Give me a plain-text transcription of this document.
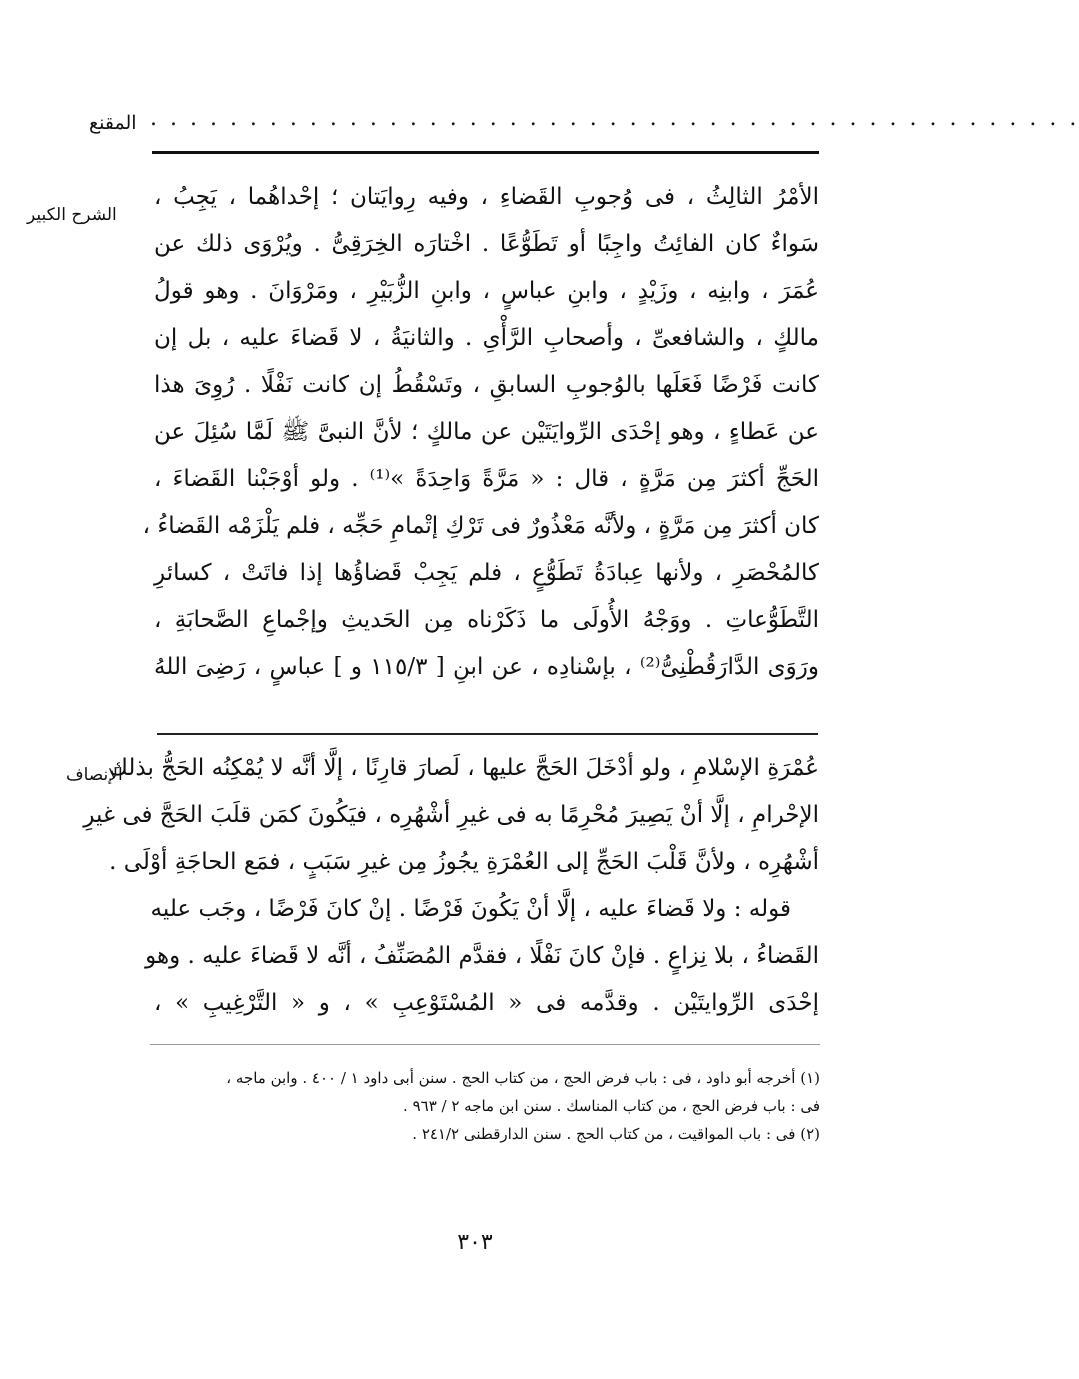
المقنع . . . . . . . . . . . . . . . . . . . . . . . . . . . . . . . . . . . . . . . . . . . . . . .
الشرح الكبير
الأمْرُ الثالِثُ ، فى وُجوبِ القَضاءِ ، وفيه رِوايَتان ؛ إحْداهُما ، يَجِبُ ،
سَواءٌ كان الفائِتُ واجِبًا أو تَطَوُّعًا . اخْتارَه الخِرَقِىُّ . ويُرْوَى ذلك عن
عُمَرَ ، وابنِه ، وزَيْدٍ ، وابنِ عباسٍ ، وابنِ الزُّبَيْرِ ، ومَرْوَانَ . وهو قولُ
مالكٍ ، والشافعىِّ ، وأصحابِ الرَّأْىِ . والثانيَةُ ، لا قَضاءَ عليه ، بل إن
كانت فَرْضًا فَعَلَها بالوُجوبِ السابقِ ، وتَسْقُطُ إن كانت نَفْلًا . رُوِىَ هذا
عن عَطاءٍ ، وهو إحْدَى الرِّوايَتَيْن عن مالكٍ ؛ لأنَّ النبىَّ ﷺ لَمَّا سُئِلَ عن
الحَجِّ أكثرَ مِن مَرَّةٍ ، قال : « مَرَّةً وَاحِدَةً »⁽¹⁾ . ولو أوْجَبْنا القَضاءَ ،
كان أكثرَ مِن مَرَّةٍ ، ولأنَّه مَعْذُورٌ فى تَرْكِ إتْمامِ حَجِّه ، فلم يَلْزَمْه القَضاءُ ،
كالمُحْصَرِ ، ولأنها عِبادَةُ تَطَوُّعٍ ، فلم يَجِبْ قَضاؤُها إذا فاتَتْ ، كسائرِ
التَّطَوُّعاتِ . ووَجْهُ الأُولَى ما ذَكَرْناه مِن الحَديثِ وإجْماعِ الصَّحابَةِ ،
ورَوَى الدَّارَقُطْنِىُّ⁽²⁾ ، بإسْنادِه ، عن ابنِ [ ١١٥/٣ و ] عباسٍ ، رَضِىَ اللهُ
الإنصاف
عُمْرَةِ الإسْلامِ ، ولو أدْخَلَ الحَجَّ عليها ، لَصارَ قارِنًا ، إلَّا أنَّه لا يُمْكِنُه الحَجُّ بذلك
الإحْرامِ ، إلَّا أنْ يَصِيرَ مُحْرِمًا به فى غيرِ أشْهُرِه ، فيَكُونَ كمَن قلَبَ الحَجَّ فى غيرِ
أشْهُرِه ، ولأنَّ قَلْبَ الحَجِّ إلى العُمْرَةِ يجُوزُ مِن غيرِ سَبَبٍ ، فمَع الحاجَةِ أوْلَى .
قوله : ولا قَضاءَ عليه ، إلَّا أنْ يَكُونَ فَرْضًا . إنْ كانَ فَرْضًا ، وجَب عليه
القَضاءُ ، بلا نِزاعٍ . فإنْ كانَ نَفْلًا ، فقدَّم المُصَنِّفُ ، أنَّه لا قَضاءَ عليه . وهو
إحْدَى الرِّوايتَيْن . وقدَّمه فى « المُسْتَوْعِبِ » ، و « التَّرْغِيبِ » ،
(١) أخرجه أبو داود ، فى : باب فرض الحج ، من كتاب الحج . سنن أبى داود ١ / ٤٠٠ . وابن ماجه ،
فى : باب فرض الحج ، من كتاب المناسك . سنن ابن ماجه ٢ / ٩٦٣ .
(٢) فى : باب المواقيت ، من كتاب الحج . سنن الدارقطنى ٢٤١/٢ .
٣٠٣
